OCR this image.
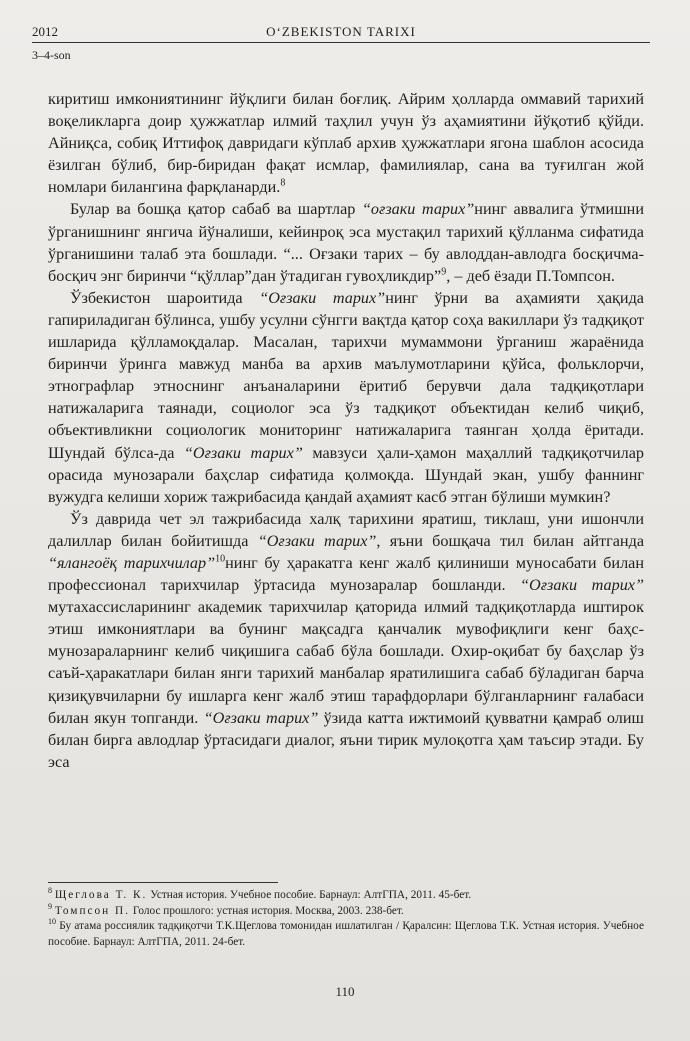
2012	O‘ZBEKISTON TARIXI
3–4-son

киритиш имкониятининг йўқлиги билан боғлиқ. Айрим ҳолларда оммавий тарихий воқеликларга доир ҳужжатлар илмий таҳлил учун ўз аҳамиятини йўқотиб қўйди. Айниқса, собиқ Иттифоқ давридаги кўплаб архив ҳужжатлари ягона шаблон асосида ёзилган бўлиб, бир-биридан фақат исмлар, фамилиялар, сана ва туғилган жой номлари билангина фарқланарди.$^8$

Булар ва бошқа қатор сабаб ва шартлар “оғзаки тарих”нинг аввалига ўтмишни ўрганишнинг янгича йўналиши, кейинроқ эса мустақил тарихий қўлланма сифатида ўрганишини талаб эта бошлади. “... Оғзаки тарих – бу авлоддан-авлодга босқичма-босқич энг биринчи “қўллар”дан ўтадиган гувоҳликдир”$^9$, – деб ёзади П.Томпсон.

Ўзбекистон шароитида “Оғзаки тарих”нинг ўрни ва аҳамияти ҳақида гапириладиган бўлинса, ушбу усулни сўнгги вақтда қатор соҳа вакиллари ўз тадқиқот ишларида қўлламоқдалар. Масалан, тарихчи мумаммони ўрганиш жараёнида биринчи ўринга мавжуд манба ва архив маълумотларини қўйса, фольклорчи, этнографлар этноснинг анъаналарини ёритиб берувчи дала тадқиқотлари натижаларига таянади, социолог эса ўз тадқиқот объектидан келиб чиқиб, объективликни социологик мониторинг натижаларига таянган ҳолда ёритади. Шундай бўлса-да “Оғзаки тарих” мавзуси ҳали-ҳамон маҳаллий тадқиқотчилар орасида мунозарали баҳслар сифатида қолмоқда. Шундай экан, ушбу фаннинг вужудга келиши хориж тажрибасида қандай аҳамият касб этган бўлиши мумкин?

Ўз даврида чет эл тажрибасида халқ тарихини яратиш, тиклаш, уни ишончли далиллар билан бойитишда “Оғзаки тарих”, яъни бошқача тил билан айтганда “ялангоёқ тарихчилар”$^{10}$нинг бу ҳаракатга кенг жалб қилиниши муносабати билан профессионал тарихчилар ўртасида мунозаралар бошланди. “Оғзаки тарих” мутахассисларининг академик тарихчилар қаторида илмий тадқиқотларда иштирок этиш имкониятлари ва бунинг мақсадга қанчалик мувофиқлиги кенг баҳс-мунозараларнинг келиб чиқишига сабаб бўла бошлади. Охир-оқибат бу баҳслар ўз саъй-ҳаракатлари билан янги тарихий манбалар яратилишига сабаб бўладиган барча қизиқувчиларни бу ишларга кенг жалб этиш тарафдорлари бўлганларнинг ғалабаси билан якун топганди. “Оғзаки тарих” ўзида катта ижтимоий қувватни қамраб олиш билан бирга авлодлар ўртасидаги диалог, яъни тирик мулоқотга ҳам таъсир этади. Бу эса

$^8$ Щеглова Т. К. Устная история. Учебное пособие. Барнаул: АлтГПА, 2011. 45-бет.

$^9$ Томпсон П. Голос прошлого: устная история. Москва, 2003. 238-бет.

$^{10}$ Бу атама россиялик тадқиқотчи Т.К.Щеглова томонидан ишлатилган / Қаралсин: Щеглова Т.К. Устная история. Учебное пособие. Барнаул: АлтГПА, 2011. 24-бет.

110
